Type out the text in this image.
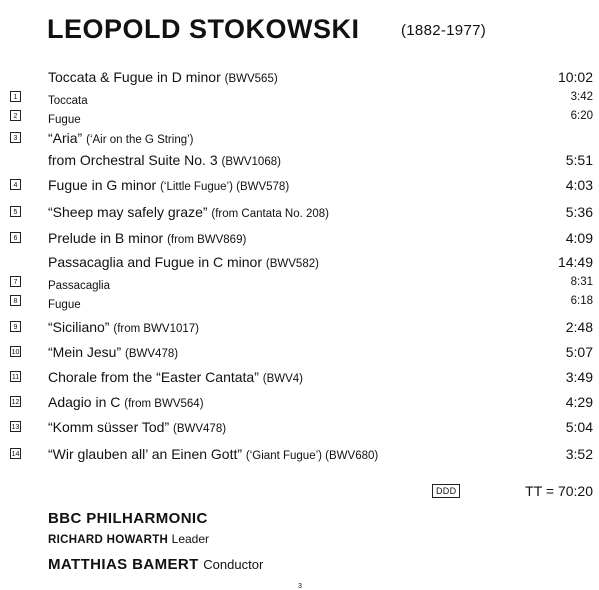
LEOPOLD STOKOWSKI	(1882-1977)
Toccata & Fugue in D minor (BWV565)	10:02
1	Toccata	3:42
2	Fugue	6:20
3 “Aria” (‘Air on the G String’)
from Orchestral Suite No. 3 (BWV1068)	5:51
4 Fugue in G minor (‘Little Fugue’) (BWV578)	4:03
5 “Sheep may safely graze” (from Cantata No. 208)	5:36
6 Prelude in B minor (from BWV869)	4:09
Passacaglia and Fugue in C minor (BWV582)	14:49
7	Passacaglia	8:31
8	Fugue	6:18
9 “Siciliano” (from BWV1017)	2:48
10 “Mein Jesu” (BWV478)	5:07
11 Chorale from the “Easter Cantata” (BWV4)	3:49
12 Adagio in C (from BWV564)	4:29
13 “Komm süsser Tod” (BWV478)	5:04
14 “Wir glauben all’ an Einen Gott” (‘Giant Fugue’) (BWV680)	3:52
DDD	TT = 70:20
BBC PHILHARMONIC
RICHARD HOWARTH Leader
MATTHIAS BAMERT Conductor
3
